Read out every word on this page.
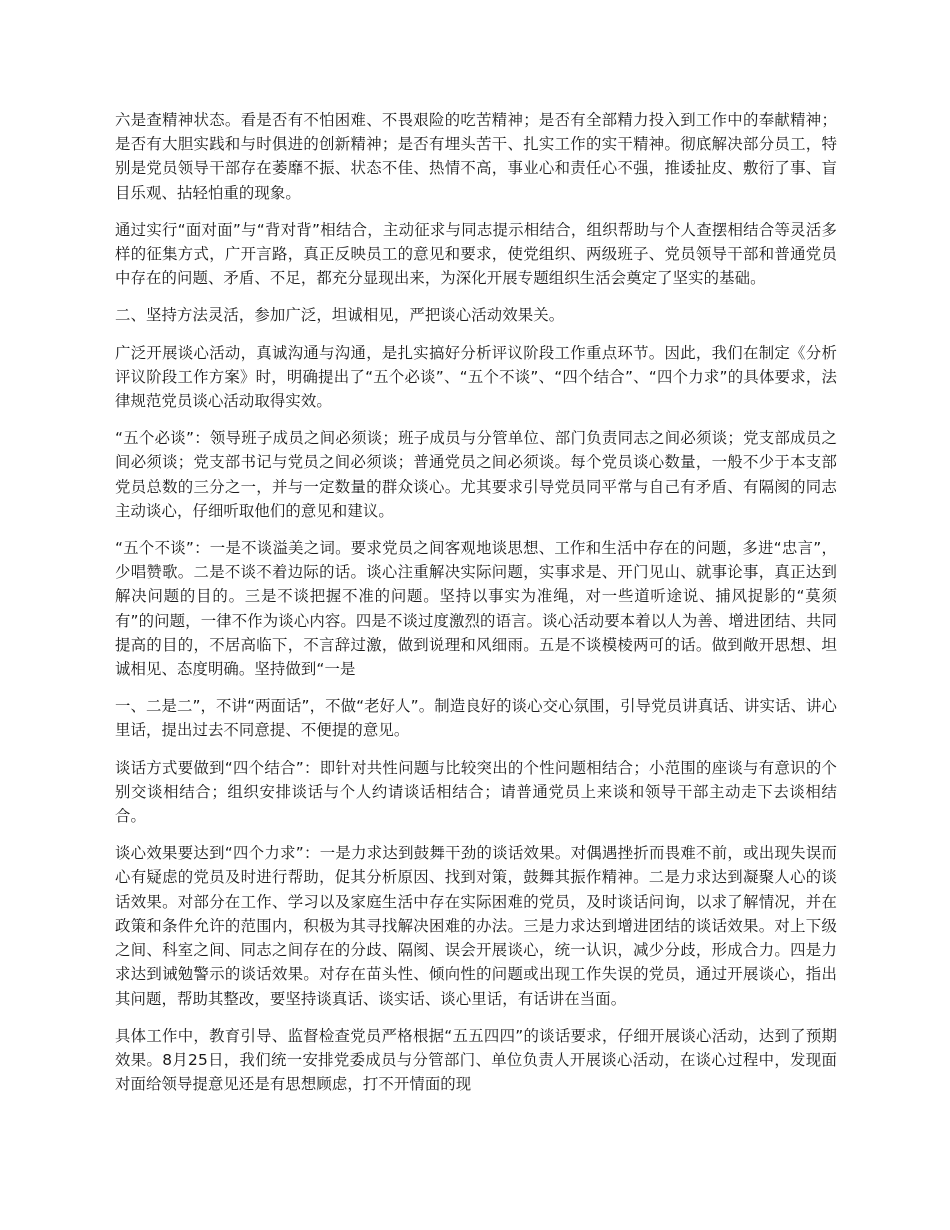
六是查精神状态。看是否有不怕困难、不畏艰险的吃苦精神；是否有全部精力投入到工作中的奉献精神；是否有大胆实践和与时俱进的创新精神；是否有埋头苦干、扎实工作的实干精神。彻底解决部分员工，特别是党员领导干部存在萎靡不振、状态不佳、热情不高，事业心和责任心不强，推诿扯皮、敷衍了事、盲目乐观、拈轻怕重的现象。

通过实行“面对面”与“背对背”相结合，主动征求与同志提示相结合，组织帮助与个人查摆相结合等灵活多样的征集方式，广开言路，真正反映员工的意见和要求，使党组织、两级班子、党员领导干部和普通党员中存在的问题、矛盾、不足，都充分显现出来，为深化开展专题组织生活会奠定了坚实的基础。

二、坚持方法灵活，参加广泛，坦诚相见，严把谈心活动效果关。

广泛开展谈心活动，真诚沟通与沟通，是扎实搞好分析评议阶段工作重点环节。因此，我们在制定《分析评议阶段工作方案》时，明确提出了“五个必谈”、“五个不谈”、“四个结合”、“四个力求”的具体要求，法律规范党员谈心活动取得实效。

“五个必谈”：领导班子成员之间必须谈；班子成员与分管单位、部门负责同志之间必须谈；党支部成员之间必须谈；党支部书记与党员之间必须谈；普通党员之间必须谈。每个党员谈心数量，一般不少于本支部党员总数的三分之一，并与一定数量的群众谈心。尤其要求引导党员同平常与自己有矛盾、有隔阂的同志主动谈心，仔细听取他们的意见和建议。

“五个不谈”：一是不谈溢美之词。要求党员之间客观地谈思想、工作和生活中存在的问题，多进“忠言”，少唱赞歌。二是不谈不着边际的话。谈心注重解决实际问题，实事求是、开门见山、就事论事，真正达到解决问题的目的。三是不谈把握不准的问题。坚持以事实为准绳，对一些道听途说、捕风捉影的“莫须有”的问题，一律不作为谈心内容。四是不谈过度激烈的语言。谈心活动要本着以人为善、增进团结、共同提高的目的，不居高临下，不言辞过激，做到说理和风细雨。五是不谈模棱两可的话。做到敞开思想、坦诚相见、态度明确。坚持做到“一是

一、二是二”，不讲“两面话”，不做“老好人”。制造良好的谈心交心氛围，引导党员讲真话、讲实话、讲心里话，提出过去不同意提、不便提的意见。

谈话方式要做到“四个结合”：即针对共性问题与比较突出的个性问题相结合；小范围的座谈与有意识的个别交谈相结合；组织安排谈话与个人约请谈话相结合；请普通党员上来谈和领导干部主动走下去谈相结合。

谈心效果要达到“四个力求”：一是力求达到鼓舞干劲的谈话效果。对偶遇挫折而畏难不前，或出现失误而心有疑虑的党员及时进行帮助，促其分析原因、找到对策，鼓舞其振作精神。二是力求达到凝聚人心的谈话效果。对部分在工作、学习以及家庭生活中存在实际困难的党员，及时谈话问询，以求了解情况，并在政策和条件允许的范围内，积极为其寻找解决困难的办法。三是力求达到增进团结的谈话效果。对上下级之间、科室之间、同志之间存在的分歧、隔阂、误会开展谈心，统一认识，减少分歧，形成合力。四是力求达到诫勉警示的谈话效果。对存在苗头性、倾向性的问题或出现工作失误的党员，通过开展谈心，指出其问题，帮助其整改，要坚持谈真话、谈实话、谈心里话，有话讲在当面。

具体工作中，教育引导、监督检查党员严格根据“五五四四”的谈话要求，仔细开展谈心活动，达到了预期效果。8月25日，我们统一安排党委成员与分管部门、单位负责人开展谈心活动，在谈心过程中，发现面对面给领导提意见还是有思想顾虑，打不开情面的现
